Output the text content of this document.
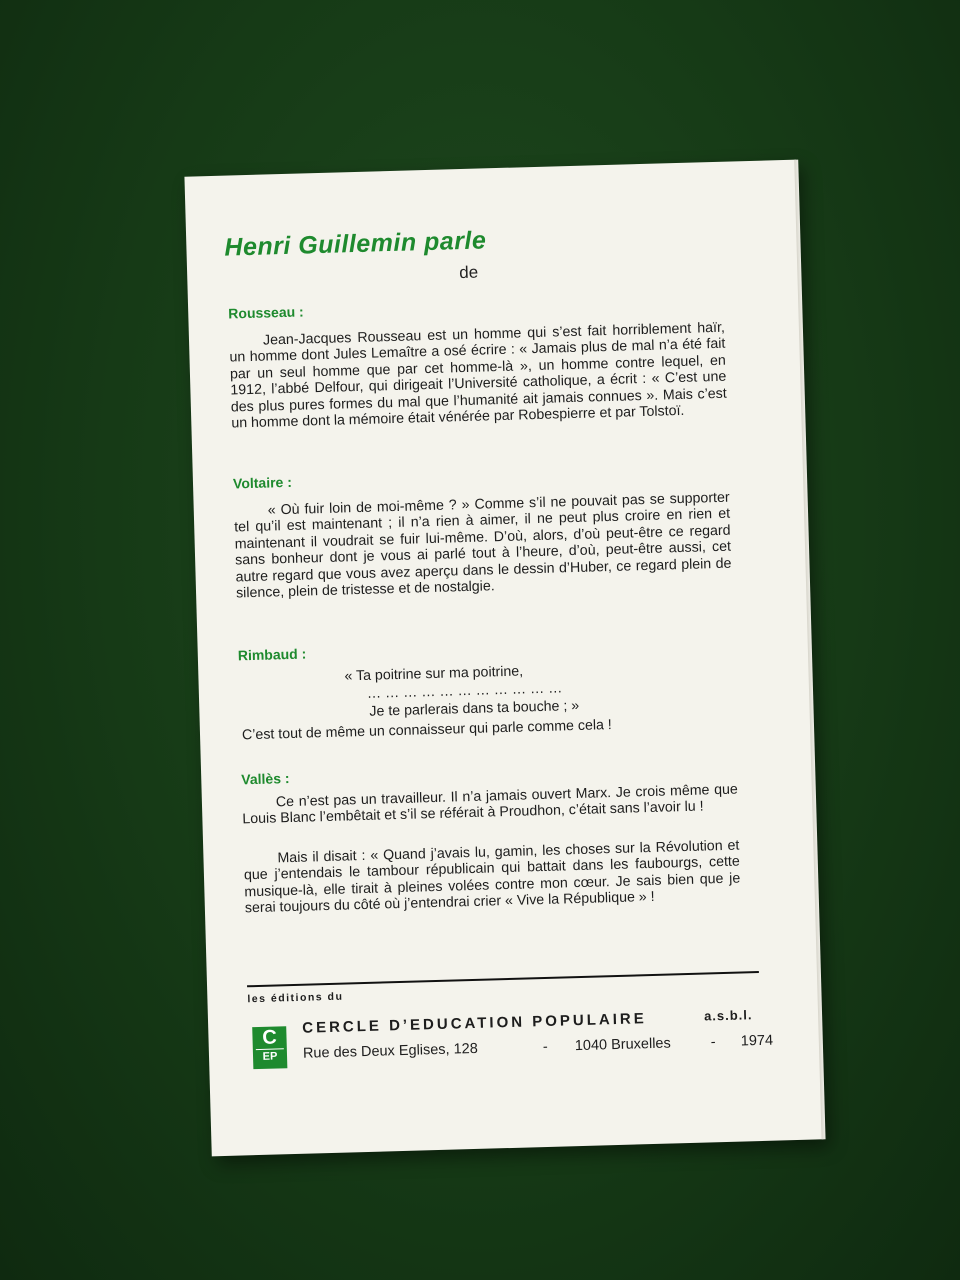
Henri Guillemin parle

de

Rousseau :

Jean-Jacques Rousseau est un homme qui s’est fait horriblement haïr, un homme dont Jules Lemaître a osé écrire : « Jamais plus de mal n’a été fait par un seul homme que par cet homme-là », un homme contre lequel, en 1912, l’abbé Delfour, qui dirigeait l’Université catholique, a écrit : « C’est une des plus pures formes du mal que l’humanité ait jamais connues ». Mais c’est un homme dont la mémoire était vénérée par Robespierre et par Tolstoï.

Voltaire :

« Où fuir loin de moi-même ? » Comme s’il ne pouvait pas se supporter tel qu’il est maintenant ; il n’a rien à aimer, il ne peut plus croire en rien et maintenant il voudrait se fuir lui-même. D’où, alors, d’où peut-être ce regard sans bonheur dont je vous ai parlé tout à l’heure, d’où, peut-être aussi, cet autre regard que vous avez aperçu dans le dessin d’Huber, ce regard plein de silence, plein de tristesse et de nostalgie.

Rimbaud :

« Ta poitrine sur ma poitrine,

… … … … … … … … … … …

Je te parlerais dans ta bouche ; »

C’est tout de même un connaisseur qui parle comme cela !

Vallès :

Ce n’est pas un travailleur. Il n’a jamais ouvert Marx. Je crois même que Louis Blanc l’embêtait et s’il se référait à Proudhon, c’était sans l’avoir lu !

Mais il disait : « Quand j’avais lu, gamin, les choses sur la Révolution et que j’entendais le tambour républicain qui battait dans les faubourgs, cette musique-là, elle tirait à pleines volées contre mon cœur. Je sais bien que je serai toujours du côté où j’entendrai crier « Vive la République » !

les éditions du

C
EP

CERCLE D’EDUCATION POPULAIRE	a.s.b.l.

Rue des Deux Eglises, 128	- 1040 Bruxelles	- 1974
